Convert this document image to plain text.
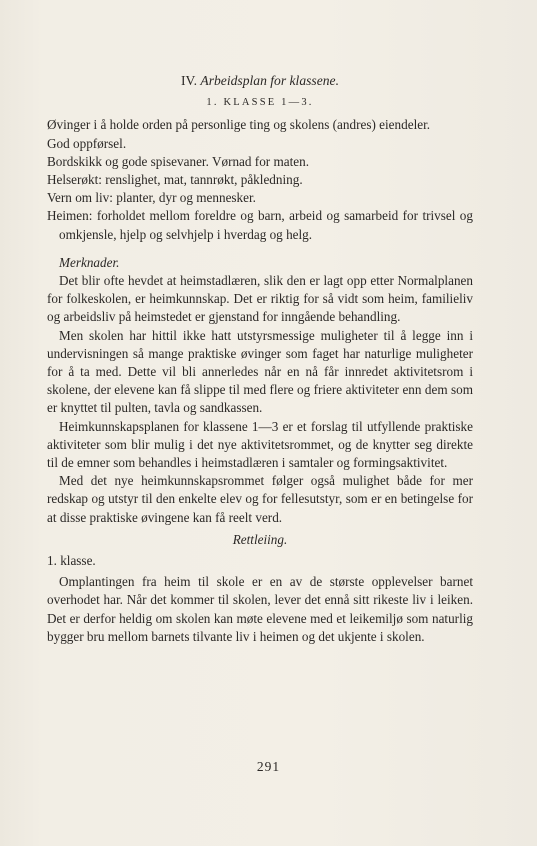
IV. Arbeidsplan for klassene.

1. KLASSE 1—3.

Øvinger i å holde orden på personlige ting og skolens (andres) eiendeler.

God oppførsel.

Bordskikk og gode spisevaner. Vørnad for maten.

Helserøkt: renslighet, mat, tannrøkt, påkledning.

Vern om liv: planter, dyr og mennesker.

Heimen: forholdet mellom foreldre og barn, arbeid og samarbeid for trivsel og omkjensle, hjelp og selvhjelp i hverdag og helg.

Merknader.

Det blir ofte hevdet at heimstadlæren, slik den er lagt opp etter Normalplanen for folkeskolen, er heimkunnskap. Det er riktig for så vidt som heim, familieliv og arbeidsliv på heimstedet er gjenstand for inngående behandling.

Men skolen har hittil ikke hatt utstyrsmessige muligheter til å legge inn i undervisningen så mange praktiske øvinger som faget har naturlige muligheter for å ta med. Dette vil bli annerledes når en nå får innredet aktivitetsrom i skolene, der elevene kan få slippe til med flere og friere aktiviteter enn dem som er knyttet til pulten, tavla og sandkassen.

Heimkunnskapsplanen for klassene 1—3 er et forslag til utfyllende praktiske aktiviteter som blir mulig i det nye aktivitetsrommet, og de knytter seg direkte til de emner som behandles i heimstadlæren i samtaler og formingsaktivitet.

Med det nye heimkunnskapsrommet følger også mulighet både for mer redskap og utstyr til den enkelte elev og for fellesutstyr, som er en betingelse for at disse praktiske øvingene kan få reelt verd.

Rettleiing.

1. klasse.

Omplantingen fra heim til skole er en av de største opplevelser barnet overhodet har. Når det kommer til skolen, lever det ennå sitt rikeste liv i leiken. Det er derfor heldig om skolen kan møte elevene med et leikemiljø som naturlig bygger bru mellom barnets tilvante liv i heimen og det ukjente i skolen.

291
